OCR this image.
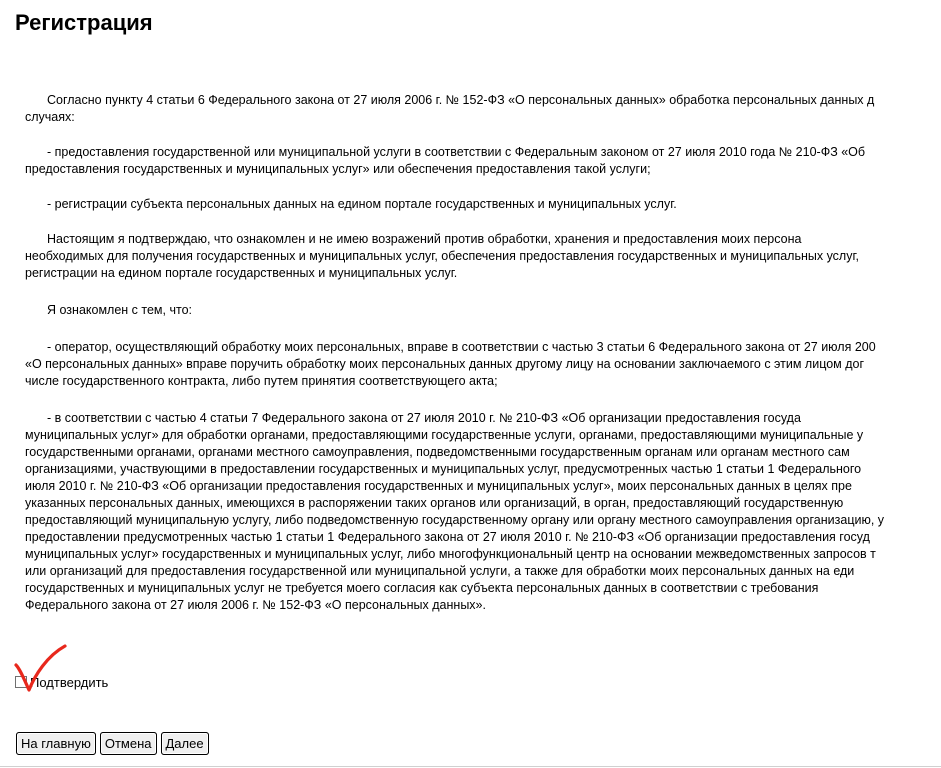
Регистрация

Согласно пункту 4 статьи 6 Федерального закона от 27 июля 2006 г. № 152-ФЗ «О персональных данных» обработка персональных данных д

случаях:

- предоставления государственной или муниципальной услуги в соответствии с Федеральным законом от 27 июля 2010 года № 210-ФЗ «Об

предоставления государственных и муниципальных услуг» или обеспечения предоставления такой услуги;

- регистрации субъекта персональных данных на едином портале государственных и муниципальных услуг.

Настоящим я подтверждаю, что ознакомлен и не имею возражений против обработки, хранения и предоставления моих персона

необходимых для получения государственных и муниципальных услуг, обеспечения предоставления государственных и муниципальных услуг,

регистрации на едином портале государственных и муниципальных услуг.

Я ознакомлен с тем, что:

- оператор, осуществляющий обработку моих персональных, вправе в соответствии с частью 3 статьи 6 Федерального закона от 27 июля 200

«О персональных данных» вправе поручить обработку моих персональных данных другому лицу на основании заключаемого с этим лицом дог

числе государственного контракта, либо путем принятия соответствующего акта;

- в соответствии с частью 4 статьи 7 Федерального закона от 27 июля 2010 г. № 210-ФЗ «Об организации предоставления госуда

муниципальных услуг» для обработки органами, предоставляющими государственные услуги, органами, предоставляющими муниципальные у

государственными органами, органами местного самоуправления, подведомственными государственным органам или органам местного сам

организациями, участвующими в предоставлении государственных и муниципальных услуг, предусмотренных частью 1 статьи 1 Федерального

июля 2010 г. № 210-ФЗ «Об организации предоставления государственных и муниципальных услуг», моих персональных данных в целях пре

указанных персональных данных, имеющихся в распоряжении таких органов или организаций, в орган, предоставляющий государственную

предоставляющий муниципальную услугу, либо подведомственную государственному органу или органу местного самоуправления организацию, у

предоставлении предусмотренных частью 1 статьи 1 Федерального закона от 27 июля 2010 г. № 210-ФЗ «Об организации предоставления госуд

муниципальных услуг» государственных и муниципальных услуг, либо многофункциональный центр на основании межведомственных запросов т

или организаций для предоставления государственной или муниципальной услуги, а также для обработки моих персональных данных на еди

государственных и муниципальных услуг не требуется моего согласия как субъекта персональных данных в соответствии с требования

Федерального закона от 27 июля 2006 г. № 152-ФЗ «О персональных данных».

Подтвердить
На главную	Отмена	Далее
